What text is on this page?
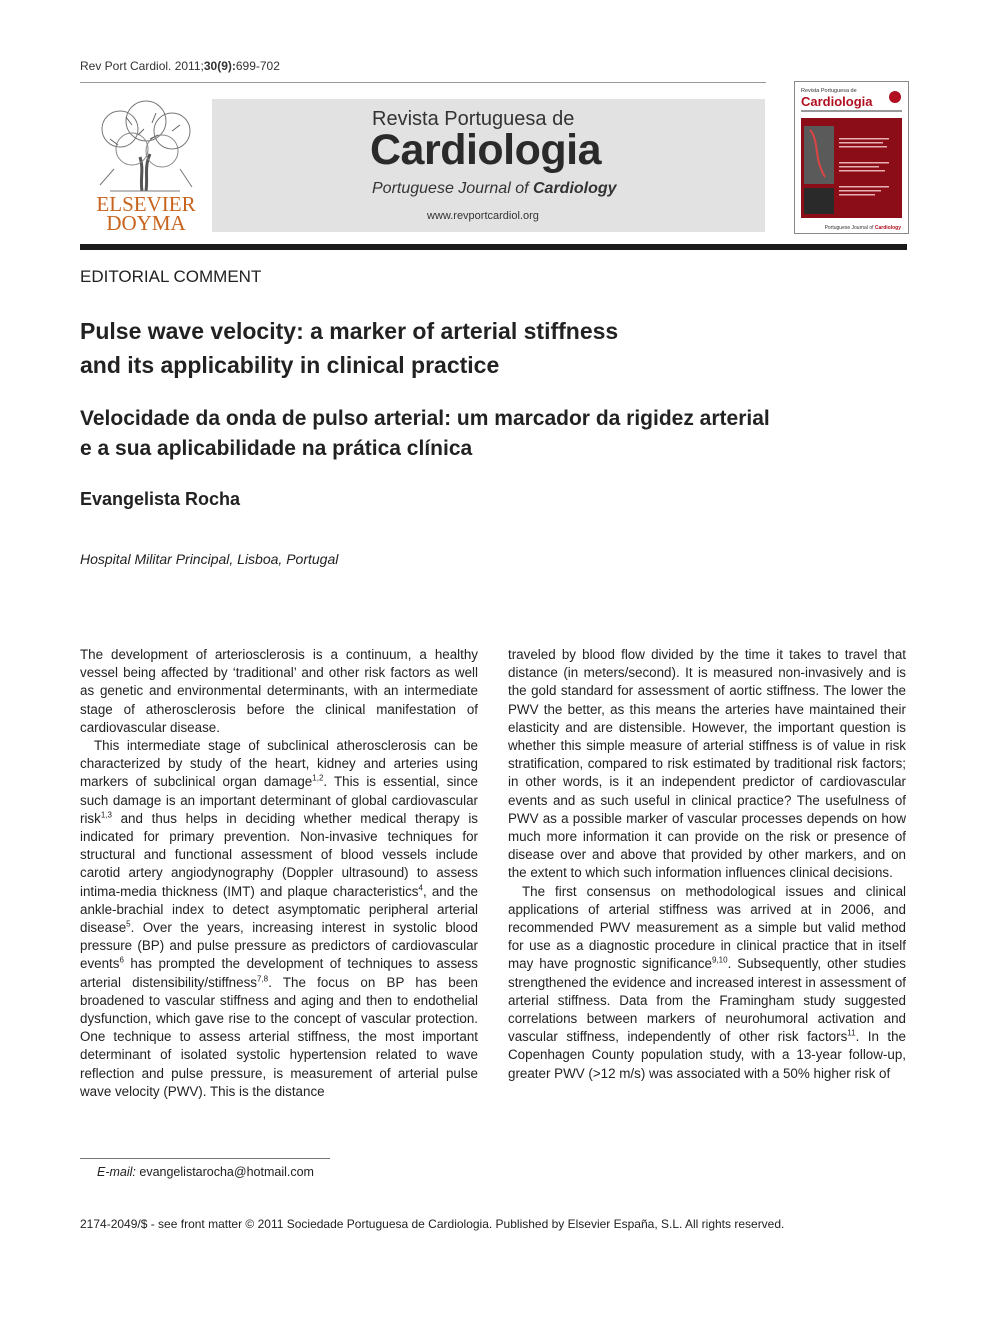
Rev Port Cardiol. 2011;30(9):699-702
ELSEVIER
DOYMA
Revista Portuguesa de
Cardiologia
Portuguese Journal of Cardiology
www.revportcardiol.org
Revista Portuguesa de
Cardiologia
Portuguese Journal of Cardiology
EDITORIAL COMMENT
Pulse wave velocity: a marker of arterial stiffness
and its applicability in clinical practice
Velocidade da onda de pulso arterial: um marcador da rigidez arterial
e a sua aplicabilidade na prática clínica
Evangelista Rocha
Hospital Militar Principal, Lisboa, Portugal

The development of arteriosclerosis is a continuum, a healthy vessel being affected by ‘traditional’ and other risk factors as well as genetic and environmental determinants, with an intermediate stage of atherosclerosis before the clinical manifestation of cardiovascular disease.

This intermediate stage of subclinical atherosclerosis can be characterized by study of the heart, kidney and arteries using markers of subclinical organ damage$^{1,2}$. This is essential, since such damage is an important determinant of global cardiovascular risk$^{1,3}$ and thus helps in deciding whether medical therapy is indicated for primary prevention. Non-invasive techniques for structural and functional assessment of blood vessels include carotid artery angiodynography (Doppler ultrasound) to assess intima-media thickness (IMT) and plaque characteristics$^4$, and the ankle-brachial index to detect asymptomatic peripheral arterial disease$^5$. Over the years, increasing interest in systolic blood pressure (BP) and pulse pressure as predictors of cardiovascular events$^6$ has prompted the development of techniques to assess arterial distensibility/stiffness$^{7,8}$. The focus on BP has been broadened to vascular stiffness and aging and then to endothelial dysfunction, which gave rise to the concept of vascular protection. One technique to assess arterial stiffness, the most important determinant of isolated systolic hypertension related to wave reflection and pulse pressure, is measurement of arterial pulse wave velocity (PWV). This is the distance

traveled by blood flow divided by the time it takes to travel that distance (in meters/second). It is measured non-invasively and is the gold standard for assessment of aortic stiffness. The lower the PWV the better, as this means the arteries have maintained their elasticity and are distensible. However, the important question is whether this simple measure of arterial stiffness is of value in risk stratification, compared to risk estimated by traditional risk factors; in other words, is it an independent predictor of cardiovascular events and as such useful in clinical practice? The usefulness of PWV as a possible marker of vascular processes depends on how much more information it can provide on the risk or presence of disease over and above that provided by other markers, and on the extent to which such information influences clinical decisions.

The first consensus on methodological issues and clinical applications of arterial stiffness was arrived at in 2006, and recommended PWV measurement as a simple but valid method for use as a diagnostic procedure in clinical practice that in itself may have prognostic significance$^{9,10}$. Subsequently, other studies strengthened the evidence and increased interest in assessment of arterial stiffness. Data from the Framingham study suggested correlations between markers of neurohumoral activation and vascular stiffness, independently of other risk factors$^{11}$. In the Copenhagen County population study, with a 13-year follow-up, greater PWV (>12 m/s) was associated with a 50% higher risk of

E-mail: evangelistarocha@hotmail.com
2174-2049/$ - see front matter © 2011 Sociedade Portuguesa de Cardiologia. Published by Elsevier España, S.L. All rights reserved.
